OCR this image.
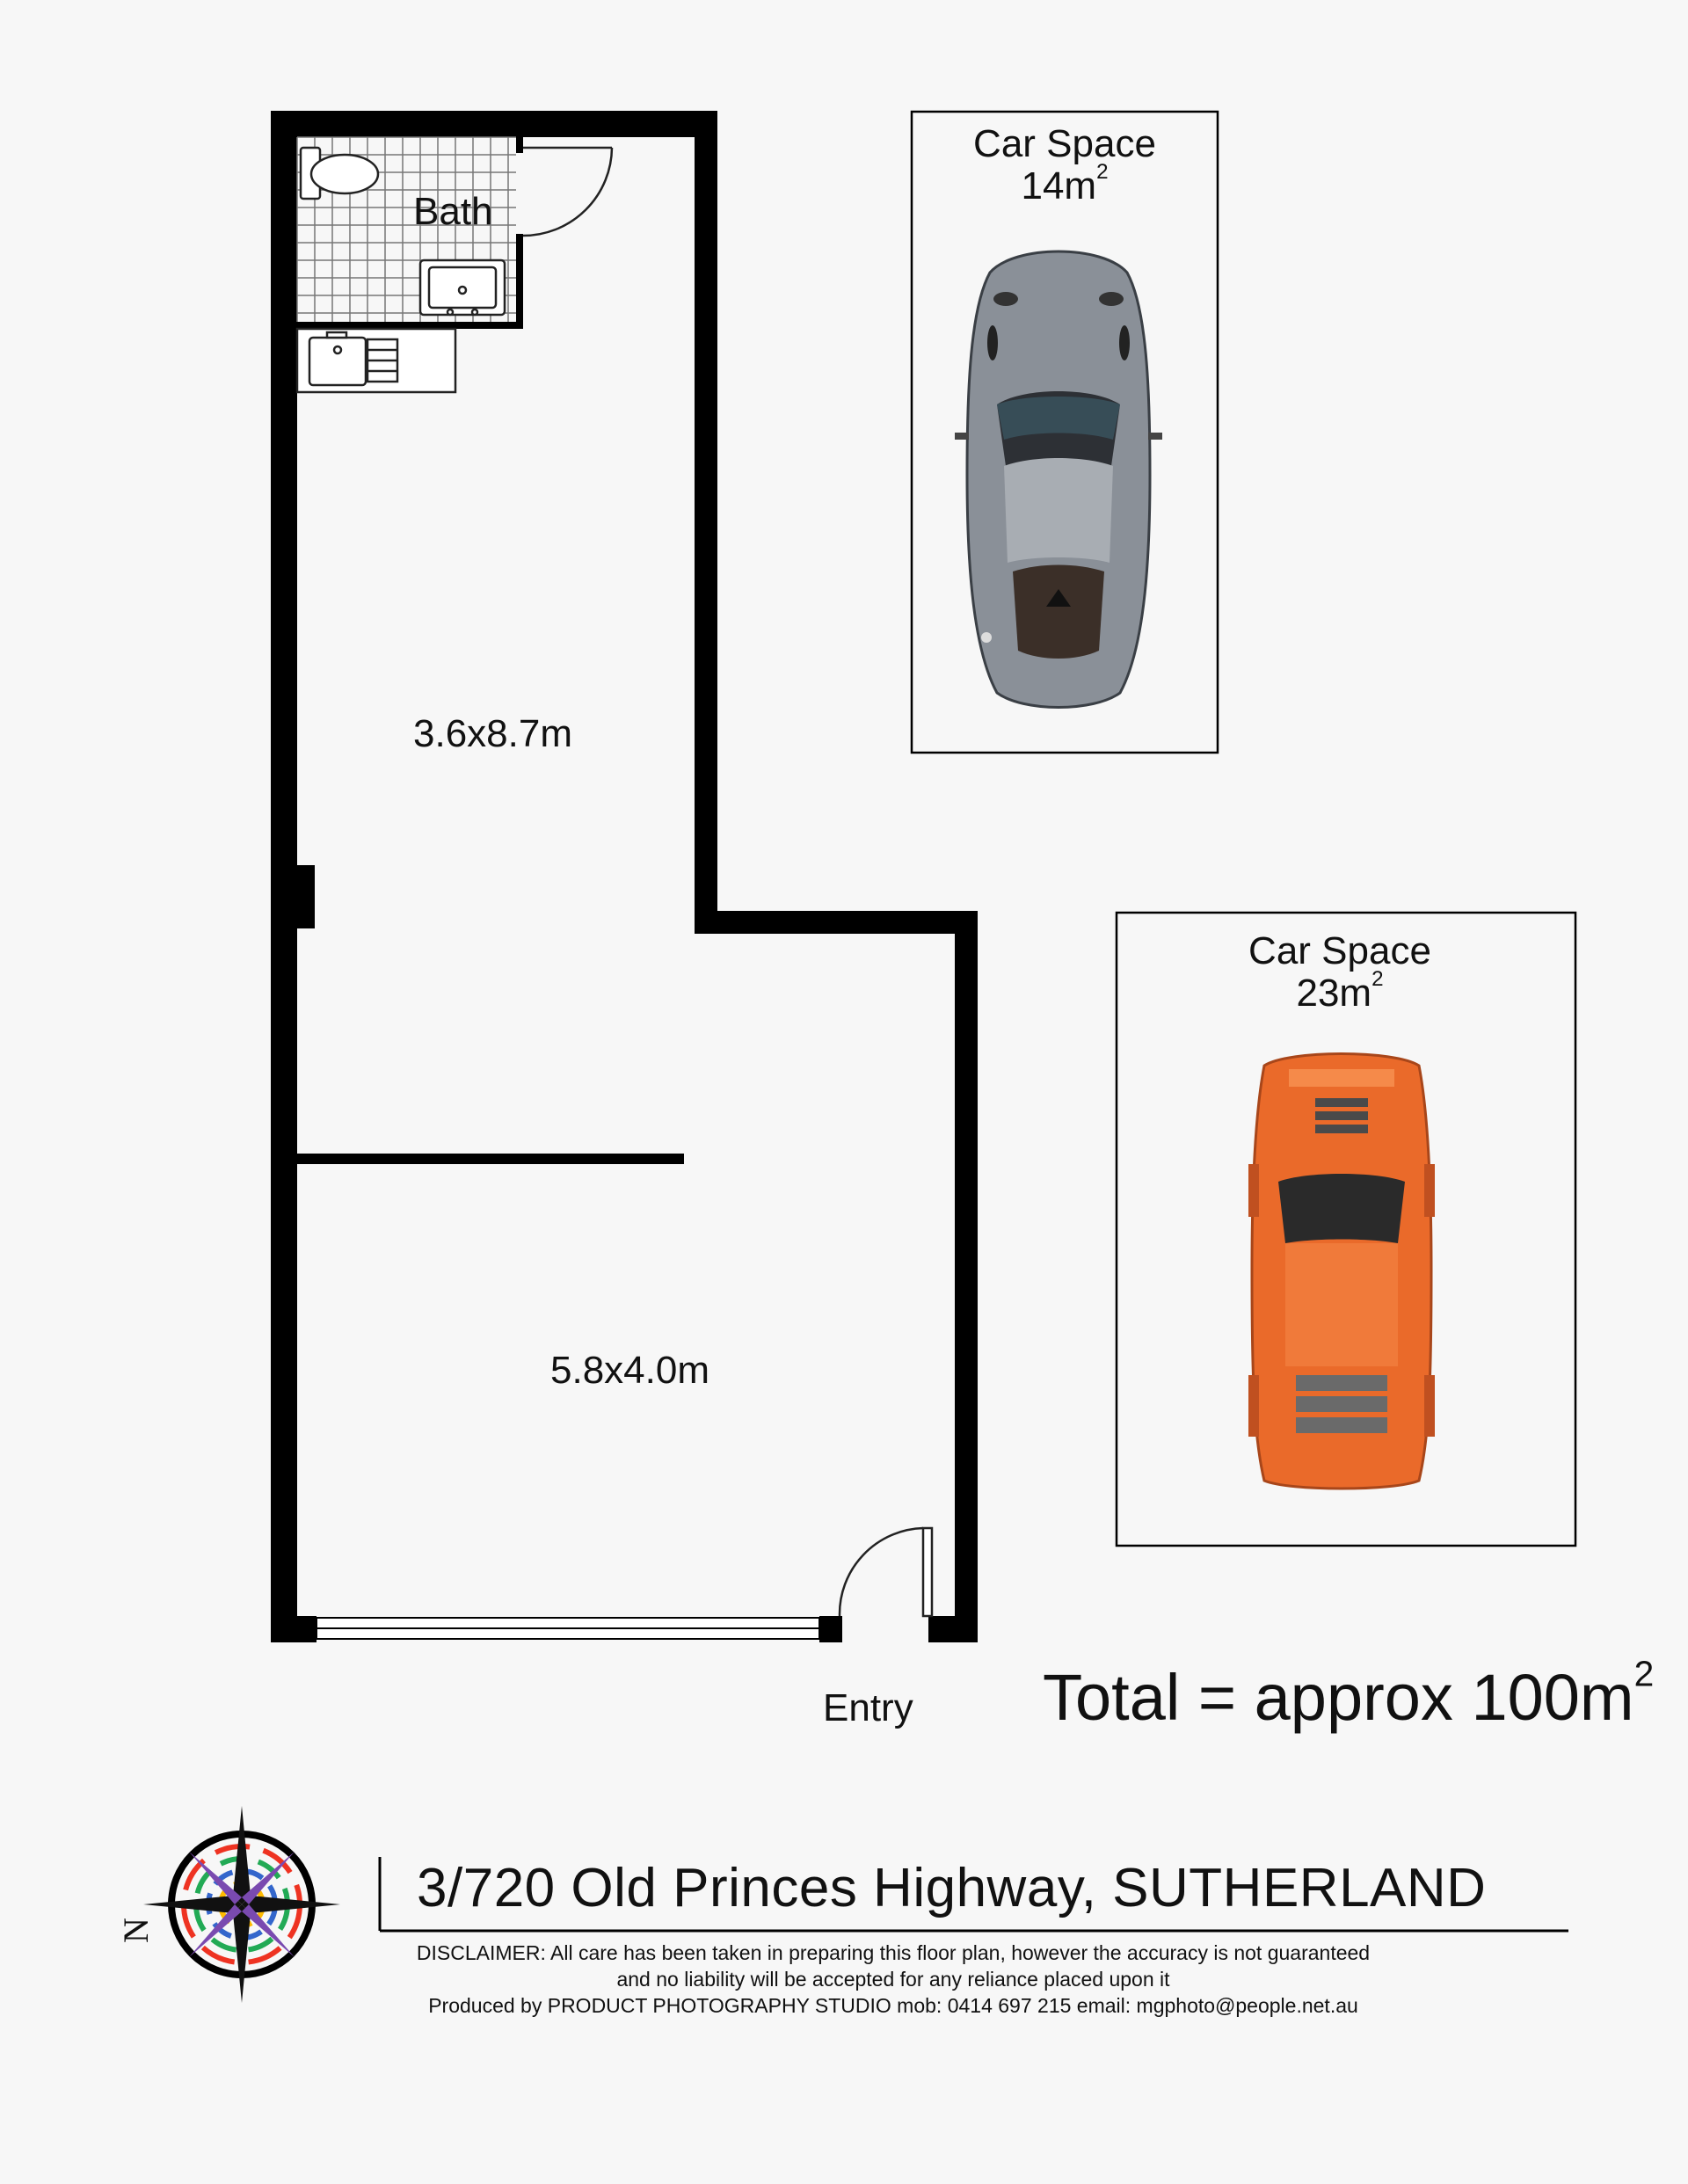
Bath
3.6x8.7m
5.8x4.0m
Entry
Car Space
$14m^2$
Car Space
$23m^2$
Total = approx $100m^2$
N
3/720 Old Princes Highway, SUTHERLAND
DISCLAIMER: All care has been taken in preparing this floor plan, however the accuracy is not guaranteed
and no liability will be accepted for any reliance placed upon it
Produced by PRODUCT PHOTOGRAPHY STUDIO mob: 0414 697 215 email: mgphoto@people.net.au
